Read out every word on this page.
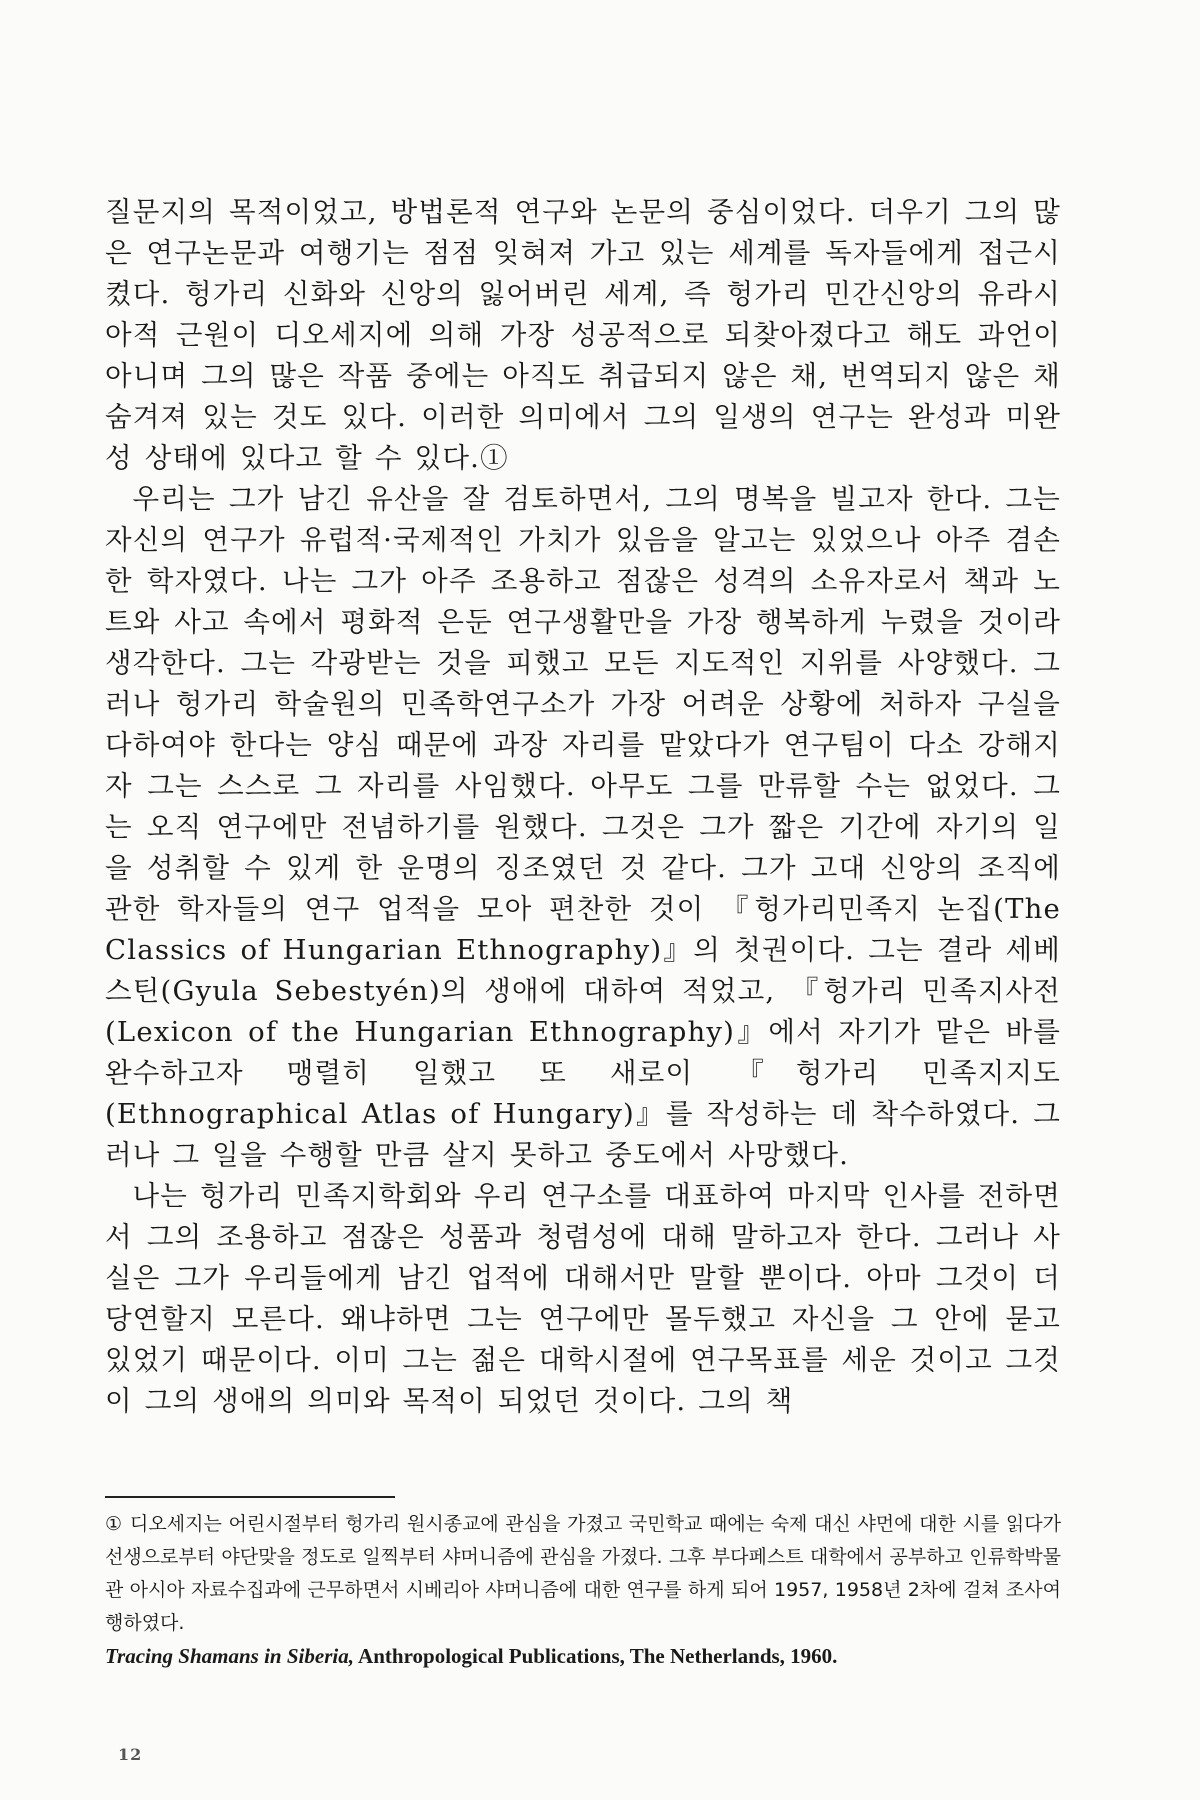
질문지의 목적이었고, 방법론적 연구와 논문의 중심이었다. 더우기 그의 많은 연구논문과 여행기는 점점 잊혀져 가고 있는 세계를 독자들에게 접근시켰다. 헝가리 신화와 신앙의 잃어버린 세계, 즉 헝가리 민간신앙의 유라시아적 근원이 디오세지에 의해 가장 성공적으로 되찾아졌다고 해도 과언이 아니며 그의 많은 작품 중에는 아직도 취급되지 않은 채, 번역되지 않은 채 숨겨져 있는 것도 있다. 이러한 의미에서 그의 일생의 연구는 완성과 미완성 상태에 있다고 할 수 있다.①

우리는 그가 남긴 유산을 잘 검토하면서, 그의 명복을 빌고자 한다. 그는 자신의 연구가 유럽적·국제적인 가치가 있음을 알고는 있었으나 아주 겸손한 학자였다. 나는 그가 아주 조용하고 점잖은 성격의 소유자로서 책과 노트와 사고 속에서 평화적 은둔 연구생활만을 가장 행복하게 누렸을 것이라 생각한다. 그는 각광받는 것을 피했고 모든 지도적인 지위를 사양했다. 그러나 헝가리 학술원의 민족학연구소가 가장 어려운 상황에 처하자 구실을 다하여야 한다는 양심 때문에 과장 자리를 맡았다가 연구팀이 다소 강해지자 그는 스스로 그 자리를 사임했다. 아무도 그를 만류할 수는 없었다. 그는 오직 연구에만 전념하기를 원했다. 그것은 그가 짧은 기간에 자기의 일을 성취할 수 있게 한 운명의 징조였던 것 같다. 그가 고대 신앙의 조직에 관한 학자들의 연구 업적을 모아 편찬한 것이 『헝가리민족지 논집(The Classics of Hungarian Ethnography)』의 첫권이다. 그는 결라 세베스틴(Gyula Sebestyén)의 생애에 대하여 적었고, 『헝가리 민족지사전(Lexicon of the Hungarian Ethnography)』에서 자기가 맡은 바를 완수하고자 맹렬히 일했고 또 새로이 『헝가리 민족지지도(Ethnographical Atlas of Hungary)』를 작성하는 데 착수하였다. 그러나 그 일을 수행할 만큼 살지 못하고 중도에서 사망했다.

나는 헝가리 민족지학회와 우리 연구소를 대표하여 마지막 인사를 전하면서 그의 조용하고 점잖은 성품과 청렴성에 대해 말하고자 한다. 그러나 사실은 그가 우리들에게 남긴 업적에 대해서만 말할 뿐이다. 아마 그것이 더 당연할지 모른다. 왜냐하면 그는 연구에만 몰두했고 자신을 그 안에 묻고 있었기 때문이다. 이미 그는 젊은 대학시절에 연구목표를 세운 것이고 그것이 그의 생애의 의미와 목적이 되었던 것이다. 그의 책

① 디오세지는 어린시절부터 헝가리 원시종교에 관심을 가졌고 국민학교 때에는 숙제 대신 샤먼에 대한 시를 읽다가 선생으로부터 야단맞을 정도로 일찍부터 샤머니즘에 관심을 가졌다. 그후 부다페스트 대학에서 공부하고 인류학박물관 아시아 자료수집과에 근무하면서 시베리아 샤머니즘에 대한 연구를 하게 되어 1957, 1958년 2차에 걸쳐 조사여행하였다.
Tracing Shamans in Siberia, Anthropological Publications, The Netherlands, 1960.
12
